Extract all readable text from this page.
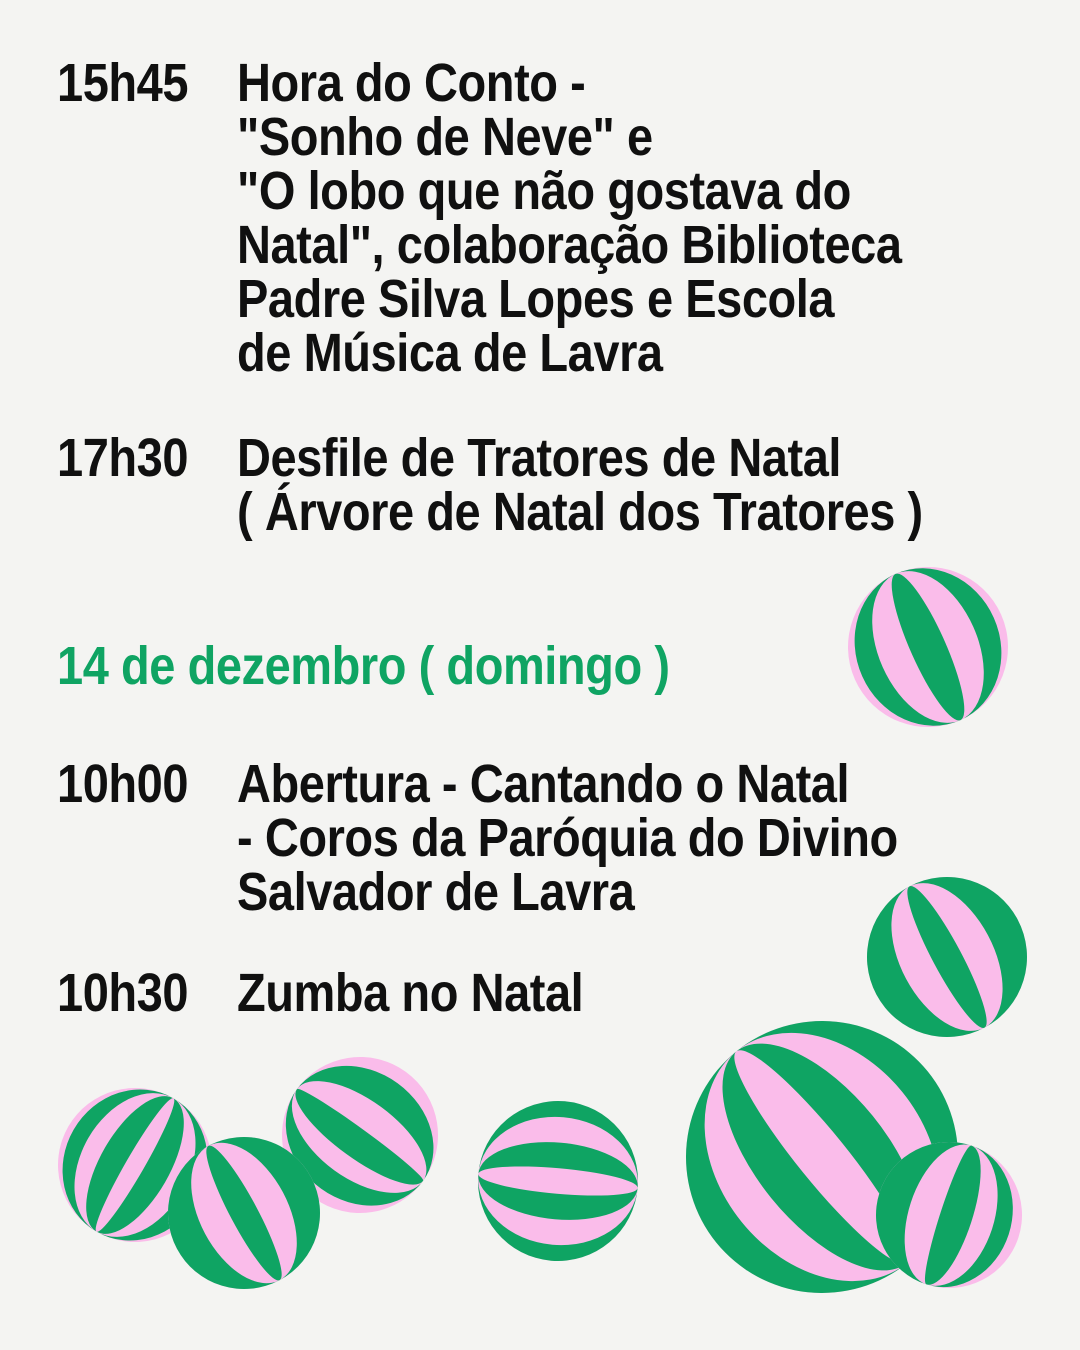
15h45 Hora do Conto -
"Sonho de Neve" e
"O lobo que não gostava do
Natal", colaboração Biblioteca
Padre Silva Lopes e Escola
de Música de Lavra
17h30 Desfile de Tratores de Natal
( Árvore de Natal dos Tratores )
14 de dezembro ( domingo )
10h00 Abertura - Cantando o Natal
- Coros da Paróquia do Divino
Salvador de Lavra
10h30 Zumba no Natal
